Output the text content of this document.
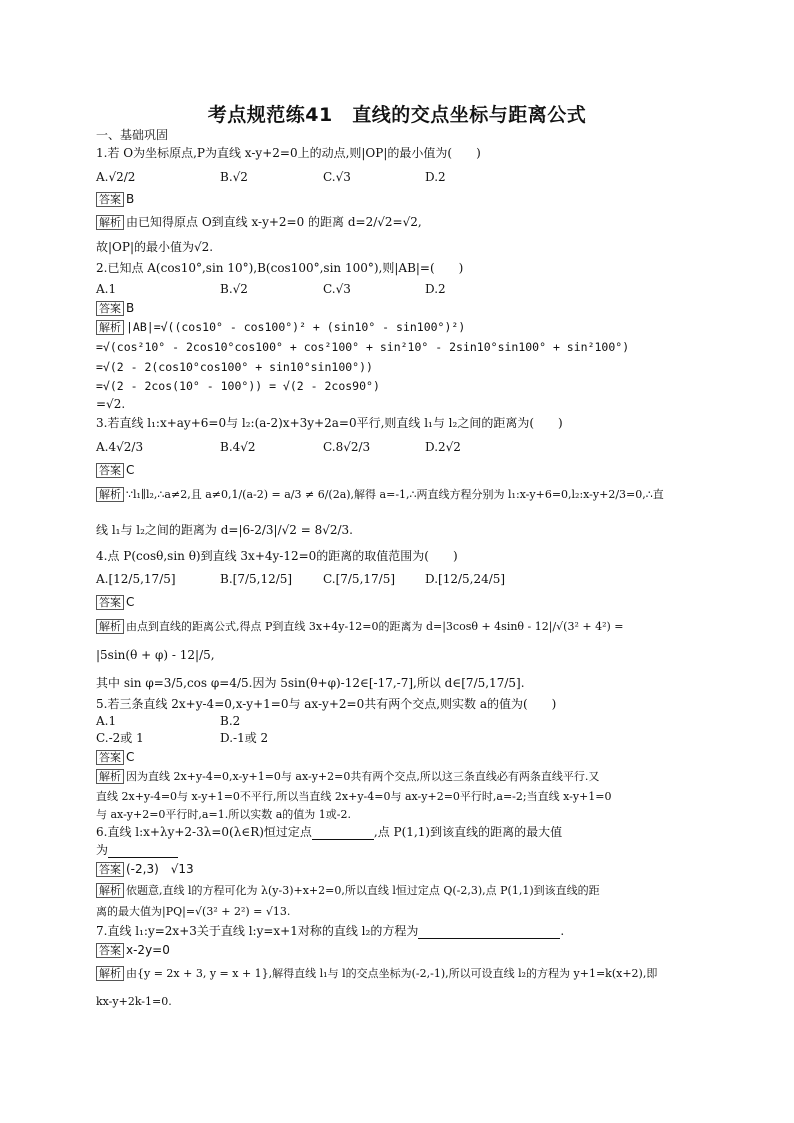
考点规范练41　直线的交点坐标与距离公式
一、基础巩固
1.若 O为坐标原点,P为直线 x-y+2=0上的动点,则|OP|的最小值为(　　)
A.√2/2	B.√2	C.√3	D.2
答案 B
解析 由已知得原点 O到直线 x-y+2=0 的距离 d=2/√2=√2,
故|OP|的最小值为√2.
2.已知点 A(cos10°,sin 10°),B(cos100°,sin 100°),则|AB|=(　　)
A.1	B.√2	C.√3	D.2
答案 B
解析 |AB|=√((cos10° - cos100°)² + (sin10° - sin100°)²)
=√(cos²10° - 2cos10°cos100° + cos²100° + sin²10° - 2sin10°sin100° + sin²100°)
=√(2 - 2(cos10°cos100° + sin10°sin100°))
=√(2 - 2cos(10° - 100°)) = √(2 - 2cos90°)
=√2.
3.若直线 l₁:x+ay+6=0与 l₂:(a-2)x+3y+2a=0平行,则直线 l₁与 l₂之间的距离为(　　)
A.4√2/3	B.4√2	C.8√2/3	D.2√2
答案 C
解析 ∵l₁∥l₂,∴a≠2,且 a≠0,1/(a-2) = a/3 ≠ 6/(2a),解得 a=-1,∴两直线方程分别为 l₁:x-y+6=0,l₂:x-y+2/3=0,∴直
线 l₁与 l₂之间的距离为 d=|6-2/3|/√2 = 8√2/3.
4.点 P(cosθ,sin θ)到直线 3x+4y-12=0的距离的取值范围为(　　)
A.[12/5,17/5]	B.[7/5,12/5]	C.[7/5,17/5] D.[12/5,24/5]
答案 C
解析 由点到直线的距离公式,得点 P到直线 3x+4y-12=0的距离为 d=|3cosθ + 4sinθ - 12|/√(3² + 4²) =
|5sin(θ + φ) - 12|/5,
其中 sin φ=3/5,cos φ=4/5.因为 5sin(θ+φ)-12∈[-17,-7],所以 d∈[7/5,17/5].
5.若三条直线 2x+y-4=0,x-y+1=0与 ax-y+2=0共有两个交点,则实数 a的值为(　　)
A.1	B.2
C.-2或 1	D.-1或 2
答案 C
解析 因为直线 2x+y-4=0,x-y+1=0与 ax-y+2=0共有两个交点,所以这三条直线必有两条直线平行.又
直线 2x+y-4=0与 x-y+1=0不平行,所以当直线 2x+y-4=0与 ax-y+2=0平行时,a=-2;当直线 x-y+1=0
与 ax-y+2=0平行时,a=1.所以实数 a的值为 1或-2.
6.直线 l:x+λy+2-3λ=0(λ∈R)恒过定点	,点 P(1,1)到该直线的距离的最大值
为
答案 (-2,3)　√13
解析 依题意,直线 l的方程可化为 λ(y-3)+x+2=0,所以直线 l恒过定点 Q(-2,3),点 P(1,1)到该直线的距
离的最大值为|PQ|=√(3² + 2²) = √13.
7.直线 l₁:y=2x+3关于直线 l:y=x+1对称的直线 l₂的方程为	.
答案 x-2y=0
解析 由{y = 2x + 3, y = x + 1},解得直线 l₁与 l的交点坐标为(-2,-1),所以可设直线 l₂的方程为 y+1=k(x+2),即
kx-y+2k-1=0.
